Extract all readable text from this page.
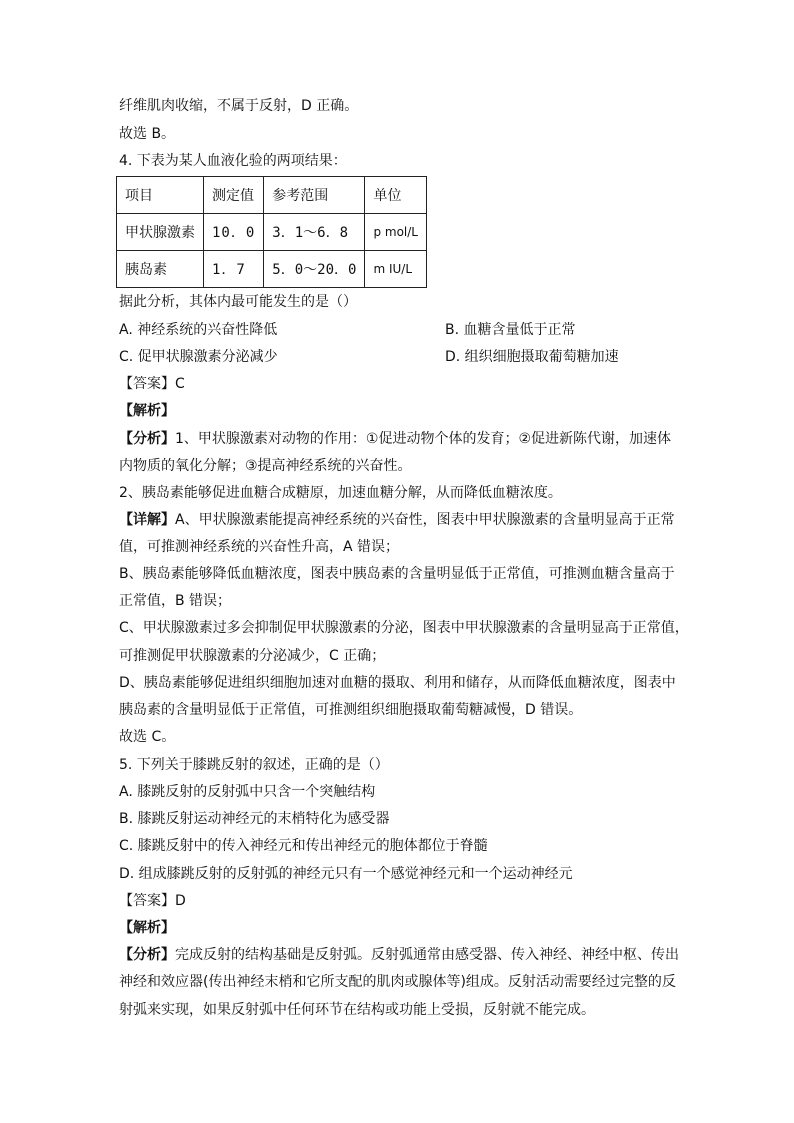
纤维肌肉收缩，不属于反射，D 正确。
故选 B。
4. 下表为某人血液化验的两项结果：
项目	测定值	参考范围	单位
甲状腺激素	10．0	3．1～6．8	p mol/L
胰岛素	1．7	5．0～20．0	m IU/L
据此分析，其体内最可能发生的是（）
A. 神经系统的兴奋性降低	B. 血糖含量低于正常
C. 促甲状腺激素分泌减少	D. 组织细胞摄取葡萄糖加速
【答案】C
【解析】
【分析】1、甲状腺激素对动物的作用：①促进动物个体的发育；②促进新陈代谢，加速体
内物质的氧化分解；③提高神经系统的兴奋性。
2、胰岛素能够促进血糖合成糖原，加速血糖分解，从而降低血糖浓度。
【详解】A、甲状腺激素能提高神经系统的兴奋性，图表中甲状腺激素的含量明显高于正常
值，可推测神经系统的兴奋性升高，A 错误；
B、胰岛素能够降低血糖浓度，图表中胰岛素的含量明显低于正常值，可推测血糖含量高于
正常值，B 错误；
C、甲状腺激素过多会抑制促甲状腺激素的分泌，图表中甲状腺激素的含量明显高于正常值，
可推测促甲状腺激素的分泌减少，C 正确；
D、胰岛素能够促进组织细胞加速对血糖的摄取、利用和储存，从而降低血糖浓度，图表中
胰岛素的含量明显低于正常值，可推测组织细胞摄取葡萄糖减慢，D 错误。
故选 C。
5. 下列关于膝跳反射的叙述，正确的是（）
A. 膝跳反射的反射弧中只含一个突触结构
B. 膝跳反射运动神经元的末梢特化为感受器
C. 膝跳反射中的传入神经元和传出神经元的胞体都位于脊髓
D. 组成膝跳反射的反射弧的神经元只有一个感觉神经元和一个运动神经元
【答案】D
【解析】
【分析】完成反射的结构基础是反射弧。反射弧通常由感受器、传入神经、神经中枢、传出
神经和效应器(传出神经末梢和它所支配的肌肉或腺体等)组成。反射活动需要经过完整的反
射弧来实现，如果反射弧中任何环节在结构或功能上受损，反射就不能完成。
